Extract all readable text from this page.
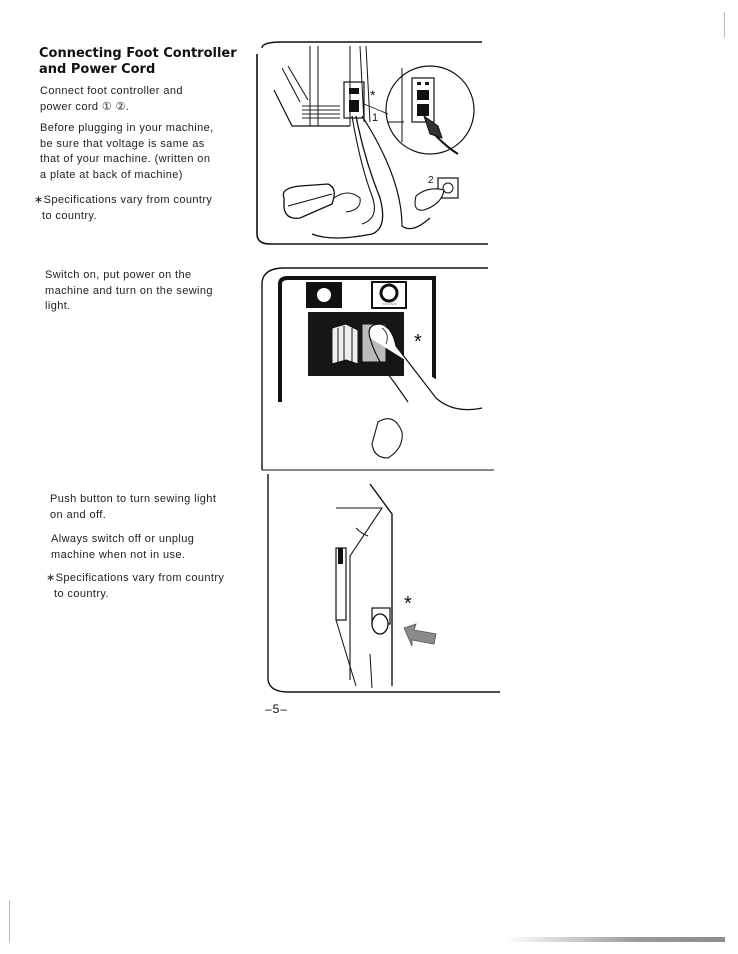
Connecting Foot Controller
and Power Cord
Connect foot controller and
power cord ① ②.
Before plugging in your machine,
be sure that voltage is same as
that of your machine. (written on
a plate at back of machine)
∗Specifications vary from country
to country.
Switch on, put power on the
machine and turn on the sewing
light.
Push button to turn sewing light
on and off.
Always switch off or unplug
machine when not in use.
∗Specifications vary from country
to country.
1
2
*
~~~~~
*
*
–5–
